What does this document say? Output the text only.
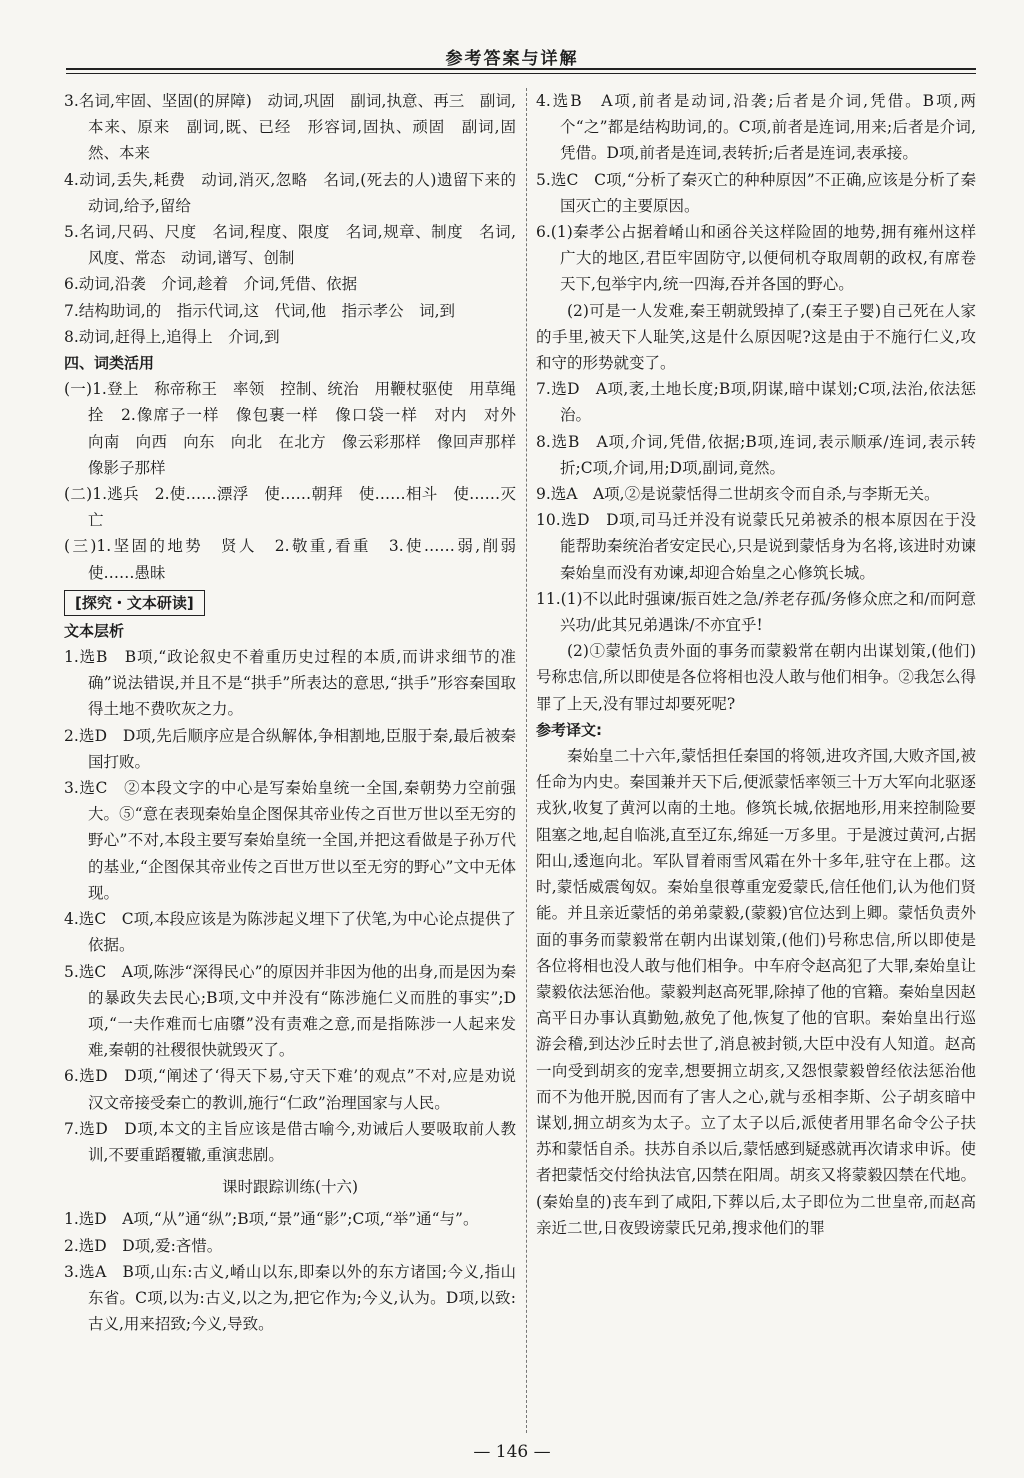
参考答案与详解

3.名词,牢固、坚固(的屏障)　动词,巩固　副词,执意、再三　副词,本来、原来　副词,既、已经　形容词,固执、顽固　副词,固然、本来

4.动词,丢失,耗费　动词,消灭,忽略　名词,(死去的人)遗留下来的　动词,给予,留给

5.名词,尺码、尺度　名词,程度、限度　名词,规章、制度　名词,风度、常态　动词,谱写、创制

6.动词,沿袭　介词,趁着　介词,凭借、依据

7.结构助词,的　指示代词,这　代词,他　指示孝公　词,到

8.动词,赶得上,追得上　介词,到

四、词类活用

(一)1.登上　称帝称王　率领　控制、统治　用鞭杖驱使　用草绳拴　2.像席子一样　像包裹一样　像口袋一样　对内　对外　向南　向西　向东　向北　在北方　像云彩那样　像回声那样　像影子那样

(二)1.逃兵　2.使……漂浮　使……朝拜　使……相斗　使……灭亡

(三)1.坚固的地势　贤人　2.敬重,看重　3.使……弱,削弱　使……愚昧

[探究・文本研读]

文本层析

1.选B　B项,“政论叙史不着重历史过程的本质,而讲求细节的准确”说法错误,并且不是“拱手”所表达的意思,“拱手”形容秦国取得土地不费吹灰之力。

2.选D　D项,先后顺序应是合纵解体,争相割地,臣服于秦,最后被秦国打败。

3.选C　②本段文字的中心是写秦始皇统一全国,秦朝势力空前强大。⑤“意在表现秦始皇企图保其帝业传之百世万世以至无穷的野心”不对,本段主要写秦始皇统一全国,并把这看做是子孙万代的基业,“企图保其帝业传之百世万世以至无穷的野心”文中无体现。

4.选C　C项,本段应该是为陈涉起义埋下了伏笔,为中心论点提供了依据。

5.选C　A项,陈涉“深得民心”的原因并非因为他的出身,而是因为秦的暴政失去民心;B项,文中并没有“陈涉施仁义而胜的事实”;D项,“一夫作难而七庙隳”没有责难之意,而是指陈涉一人起来发难,秦朝的社稷很快就毁灭了。

6.选D　D项,“阐述了‘得天下易,守天下难’的观点”不对,应是劝说汉文帝接受秦亡的教训,施行“仁政”治理国家与人民。

7.选D　D项,本文的主旨应该是借古喻今,劝诫后人要吸取前人教训,不要重蹈覆辙,重演悲剧。

课时跟踪训练(十六)

1.选D　A项,“从”通“纵”;B项,“景”通“影”;C项,“举”通“与”。

2.选D　D项,爱:吝惜。

3.选A　B项,山东:古义,崤山以东,即秦以外的东方诸国;今义,指山东省。C项,以为:古义,以之为,把它作为;今义,认为。D项,以致:古义,用来招致;今义,导致。

4.选B　A项,前者是动词,沿袭;后者是介词,凭借。B项,两个“之”都是结构助词,的。C项,前者是连词,用来;后者是介词,凭借。D项,前者是连词,表转折;后者是连词,表承接。

5.选C　C项,“分析了秦灭亡的种种原因”不正确,应该是分析了秦国灭亡的主要原因。

6.(1)秦孝公占据着崤山和函谷关这样险固的地势,拥有雍州这样广大的地区,君臣牢固防守,以便伺机夺取周朝的政权,有席卷天下,包举宇内,统一四海,吞并各国的野心。

(2)可是一人发难,秦王朝就毁掉了,(秦王子婴)自己死在人家的手里,被天下人耻笑,这是什么原因呢?这是由于不施行仁义,攻和守的形势就变了。

7.选D　A项,袤,土地长度;B项,阴谋,暗中谋划;C项,法治,依法惩治。

8.选B　A项,介词,凭借,依据;B项,连词,表示顺承/连词,表示转折;C项,介词,用;D项,副词,竟然。

9.选A　A项,②是说蒙恬得二世胡亥令而自杀,与李斯无关。

10.选D　D项,司马迁并没有说蒙氏兄弟被杀的根本原因在于没能帮助秦统治者安定民心,只是说到蒙恬身为名将,该进时劝谏秦始皇而没有劝谏,却迎合始皇之心修筑长城。

11.(1)不以此时强谏/振百姓之急/养老存孤/务修众庶之和/而阿意兴功/此其兄弟遇诛/不亦宜乎!

(2)①蒙恬负责外面的事务而蒙毅常在朝内出谋划策,(他们)号称忠信,所以即使是各位将相也没人敢与他们相争。②我怎么得罪了上天,没有罪过却要死呢?

参考译文:

秦始皇二十六年,蒙恬担任秦国的将领,进攻齐国,大败齐国,被任命为内史。秦国兼并天下后,便派蒙恬率领三十万大军向北驱逐戎狄,收复了黄河以南的土地。修筑长城,依据地形,用来控制险要阻塞之地,起自临洮,直至辽东,绵延一万多里。于是渡过黄河,占据阳山,逶迤向北。军队冒着雨雪风霜在外十多年,驻守在上郡。这时,蒙恬威震匈奴。秦始皇很尊重宠爱蒙氏,信任他们,认为他们贤能。并且亲近蒙恬的弟弟蒙毅,(蒙毅)官位达到上卿。蒙恬负责外面的事务而蒙毅常在朝内出谋划策,(他们)号称忠信,所以即使是各位将相也没人敢与他们相争。中车府令赵高犯了大罪,秦始皇让蒙毅依法惩治他。蒙毅判赵高死罪,除掉了他的官籍。秦始皇因赵高平日办事认真勤勉,赦免了他,恢复了他的官职。秦始皇出行巡游会稽,到达沙丘时去世了,消息被封锁,大臣中没有人知道。赵高一向受到胡亥的宠幸,想要拥立胡亥,又怨恨蒙毅曾经依法惩治他而不为他开脱,因而有了害人之心,就与丞相李斯、公子胡亥暗中谋划,拥立胡亥为太子。立了太子以后,派使者用罪名命令公子扶苏和蒙恬自杀。扶苏自杀以后,蒙恬感到疑惑就再次请求申诉。使者把蒙恬交付给执法官,囚禁在阳周。胡亥又将蒙毅囚禁在代地。(秦始皇的)丧车到了咸阳,下葬以后,太子即位为二世皇帝,而赵高亲近二世,日夜毁谤蒙氏兄弟,搜求他们的罪

— 146 —
